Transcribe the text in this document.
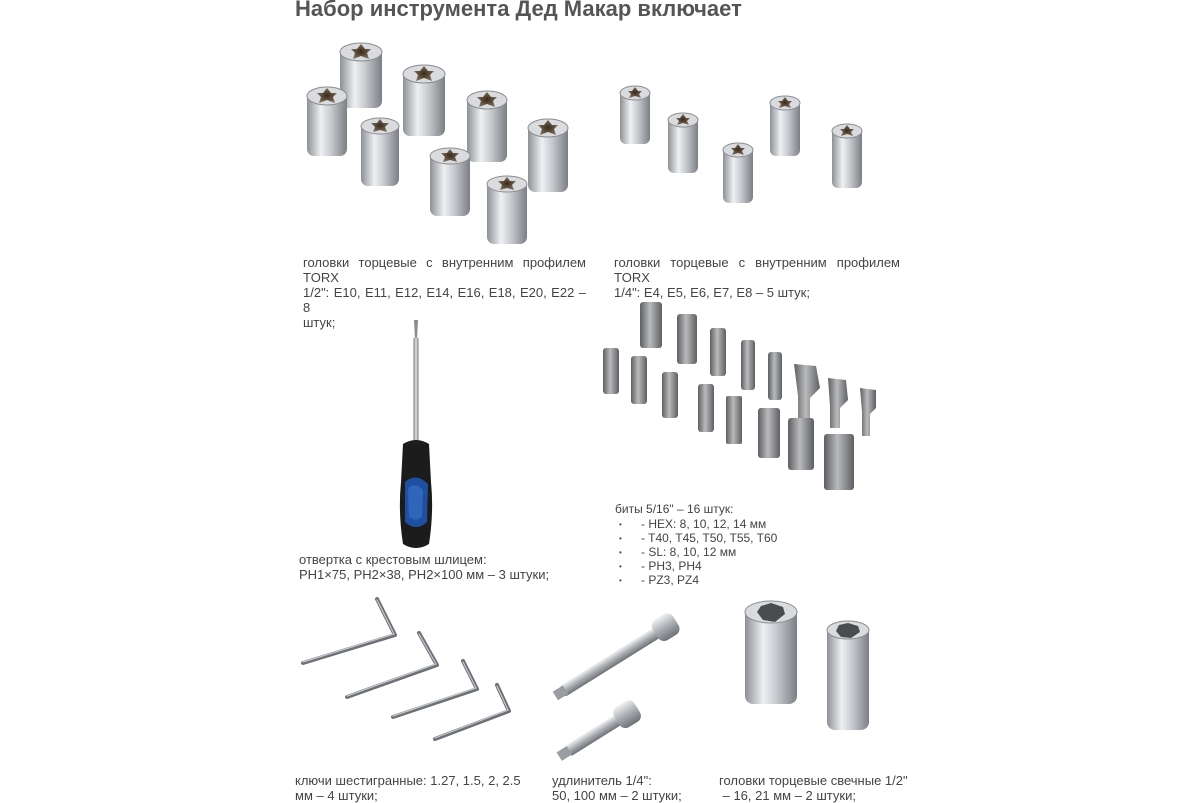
Набор инструмента Дед Макар включает

головки торцевые с внутренним профилем TORX
1/2": Е10, Е11, Е12, Е14, Е16, Е18, Е20, Е22 – 8
штук;

головки торцевые с внутренним профилем TORX
1/4": Е4, Е5, Е6, Е7, Е8 – 5 штук;

отвертка с крестовым шлицем:
PH1×75, PH2×38, PH2×100 мм – 3 штуки;

биты 5/16" – 16 штук:

• - HEX: 8, 10, 12, 14 мм
• - T40, T45, T50, T55, T60
• - SL: 8, 10, 12 мм
• - PH3, PH4
• - PZ3, PZ4

ключи шестигранные: 1.27, 1.5, 2, 2.5
мм – 4 штуки;

удлинитель 1/4":
50, 100 мм – 2 штуки;

головки торцевые свечные 1/2"
– 16, 21 мм – 2 штуки;
